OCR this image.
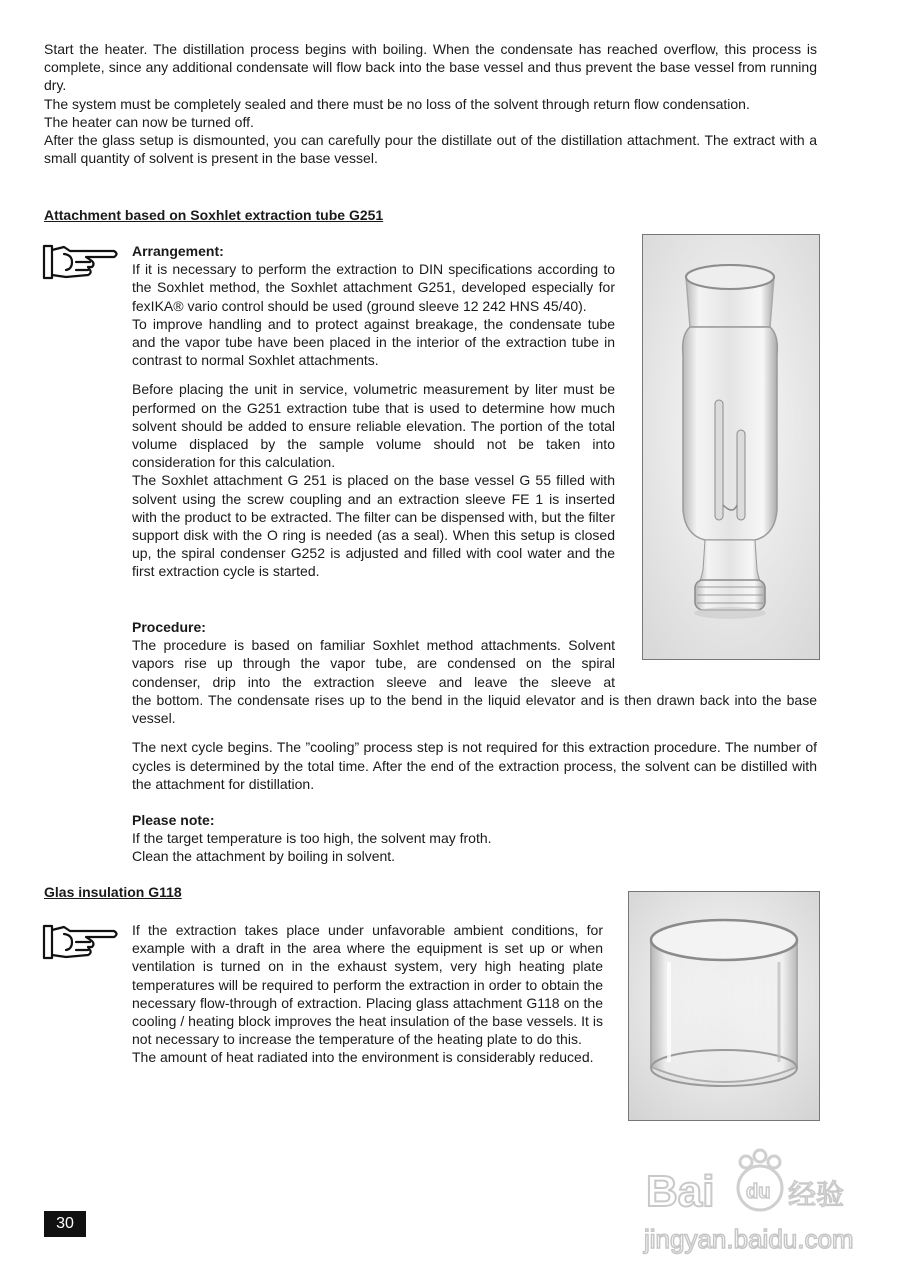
Start the heater. The distillation process begins with boiling. When the condensate has reached overflow, this process is complete, since any additional condensate will flow back into the base vessel and thus prevent the base vessel from running dry.

The system must be completely sealed and there must be no loss of the solvent through return flow condensation.

The heater can now be turned off.

After the glass setup is dismounted, you can carefully pour the distillate out of the distillation attachment. The extract with a small quantity of solvent is present in the base vessel.

Attachment based on Soxhlet extraction tube G251

Arrangement:

If it is necessary to perform the extraction to DIN specifications according to the Soxhlet method, the Soxhlet attachment G251, developed especially for fexIKA® vario control should be used (ground sleeve 12 242 HNS 45/40).

To improve handling and to protect against breakage, the condensate tube and the vapor tube have been placed in the interior of the extraction tube in contrast to normal Soxhlet attachments.

Before placing the unit in service, volumetric measurement by liter must be performed on the G251 extraction tube that is used to determine how much solvent should be added to ensure reliable elevation. The portion of the total volume displaced by the sample volume should not be taken into consideration for this calculation.

The Soxhlet attachment G 251 is placed on the base vessel G 55 filled with solvent using the screw coupling and an extraction sleeve FE 1 is inserted with the product to be extracted. The filter can be dispensed with, but the filter support disk with the O ring is needed (as a seal). When this setup is closed up, the spiral condenser G252 is adjusted and filled with cool water and the first extraction cycle is started.

Procedure:

The procedure is based on familiar Soxhlet method attachments. Solvent vapors rise up through the vapor tube, are condensed on the spiral condenser, drip into the extraction sleeve and leave the sleeve at

the bottom. The condensate rises up to the bend in the liquid elevator and is then drawn back into the base vessel.

The next cycle begins. The ”cooling” process step is not required for this extraction procedure. The number of cycles is determined by the total time. After the end of the extraction process, the solvent can be distilled with the attachment for distillation.

Please note:

If the target temperature is too high, the solvent may froth.

Clean the attachment by boiling in solvent.

Glas insulation G118

If the extraction takes place under unfavorable ambient conditions, for example with a draft in the area where the equipment is set up or when ventilation is turned on in the exhaust system, very high heating plate temperatures will be required to perform the extraction in order to obtain the necessary flow-through of extraction. Placing glass attachment G118 on the cooling / heating block improves the heat insulation of the base vessels. It is not necessary to increase the temperature of the heating plate to do this.

The amount of heat radiated into the environment is considerably reduced.

30
Bai du 经验
jingyan.baidu.com
